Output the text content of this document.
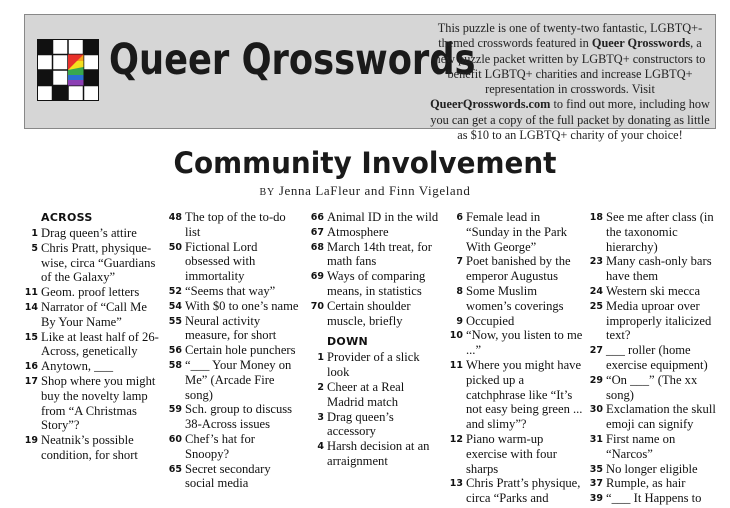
Queer Qrosswords
This puzzle is one of twenty-two fantastic, LGBTQ+-themed crosswords featured in Queer Qrosswords, a new puzzle packet written by LGBTQ+ constructors to benefit LGBTQ+ charities and increase LGBTQ+ representation in crosswords. Visit QueerQrosswords.com to find out more, including how you can get a copy of the full packet by donating as little as $10 to an LGBTQ+ charity of your choice!
Community Involvement
BY Jenna LaFleur and Finn Vigeland
ACROSS
1 Drag queen’s attire
5 Chris Pratt, physique-wise, circa “Guardians of the Galaxy”
11 Geom. proof letters
14 Narrator of “Call Me By Your Name”
15 Like at least half of 26-Across, genetically
16 Anytown, ___
17 Shop where you might buy the novelty lamp from “A Christmas Story”?
19 Neatnik’s possible condition, for short
48 The top of the to-do list
50 Fictional Lord obsessed with immortality
52 “Seems that way”
54 With $0 to one’s name
55 Neural activity measure, for short
56 Certain hole punchers
58 “___ Your Money on Me” (Arcade Fire song)
59 Sch. group to discuss 38-Across issues
60 Chef’s hat for Snoopy?
65 Secret secondary social media
66 Animal ID in the wild
67 Atmosphere
68 March 14th treat, for math fans
69 Ways of comparing means, in statistics
70 Certain shoulder muscle, briefly
DOWN
1 Provider of a slick look
2 Cheer at a Real Madrid match
3 Drag queen’s accessory
4 Harsh decision at an arraignment
6 Female lead in “Sunday in the Park With George”
7 Poet banished by the emperor Augustus
8 Some Muslim women’s coverings
9 Occupied
10 “Now, you listen to me ...”
11 Where you might have picked up a catchphrase like “It’s not easy being green ... and slimy”?
12 Piano warm-up exercise with four sharps
13 Chris Pratt’s physique, circa “Parks and
18 See me after class (in the taxonomic hierarchy)
23 Many cash-only bars have them
24 Western ski mecca
25 Media uproar over improperly italicized text?
27 ___ roller (home exercise equipment)
29 “On ___” (The xx song)
30 Exclamation the skull emoji can signify
31 First name on “Narcos”
35 No longer eligible
37 Rumple, as hair
39 “___ It Happens to
